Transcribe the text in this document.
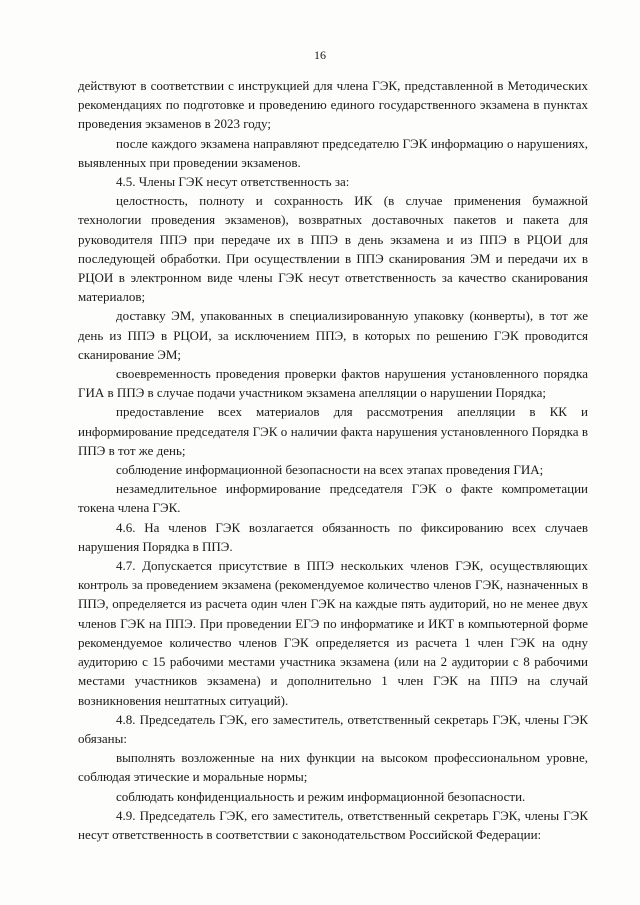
16

действуют в соответствии с инструкцией для члена ГЭК, представленной в Методических рекомендациях по подготовке и проведению единого государственного экзамена в пунктах проведения экзаменов в 2023 году;

после каждого экзамена направляют председателю ГЭК информацию о нарушениях, выявленных при проведении экзаменов.

4.5. Члены ГЭК несут ответственность за:

целостность, полноту и сохранность ИК (в случае применения бумажной технологии проведения экзаменов), возвратных доставочных пакетов и пакета для руководителя ППЭ при передаче их в ППЭ в день экзамена и из ППЭ в РЦОИ для последующей обработки. При осуществлении в ППЭ сканирования ЭМ и передачи их в РЦОИ в электронном виде члены ГЭК несут ответственность за качество сканирования материалов;

доставку ЭМ, упакованных в специализированную упаковку (конверты), в тот же день из ППЭ в РЦОИ, за исключением ППЭ, в которых по решению ГЭК проводится сканирование ЭМ;

своевременность проведения проверки фактов нарушения установленного порядка ГИА в ППЭ в случае подачи участником экзамена апелляции о нарушении Порядка;

предоставление всех материалов для рассмотрения апелляции в КК и информирование председателя ГЭК о наличии факта нарушения установленного Порядка в ППЭ в тот же день;

соблюдение информационной безопасности на всех этапах проведения ГИА;

незамедлительное информирование председателя ГЭК о факте компрометации токена члена ГЭК.

4.6. На членов ГЭК возлагается обязанность по фиксированию всех случаев нарушения Порядка в ППЭ.

4.7. Допускается присутствие в ППЭ нескольких членов ГЭК, осуществляющих контроль за проведением экзамена (рекомендуемое количество членов ГЭК, назначенных в ППЭ, определяется из расчета один член ГЭК на каждые пять аудиторий, но не менее двух членов ГЭК на ППЭ. При проведении ЕГЭ по информатике и ИКТ в компьютерной форме рекомендуемое количество членов ГЭК определяется из расчета 1 член ГЭК на одну аудиторию с 15 рабочими местами участника экзамена (или на 2 аудитории с 8 рабочими местами участников экзамена) и дополнительно 1 член ГЭК на ППЭ на случай возникновения нештатных ситуаций).

4.8. Председатель ГЭК, его заместитель, ответственный секретарь ГЭК, члены ГЭК обязаны:

выполнять возложенные на них функции на высоком профессиональном уровне, соблюдая этические и моральные нормы;

соблюдать конфиденциальность и режим информационной безопасности.

4.9. Председатель ГЭК, его заместитель, ответственный секретарь ГЭК, члены ГЭК несут ответственность в соответствии с законодательством Российской Федерации:
